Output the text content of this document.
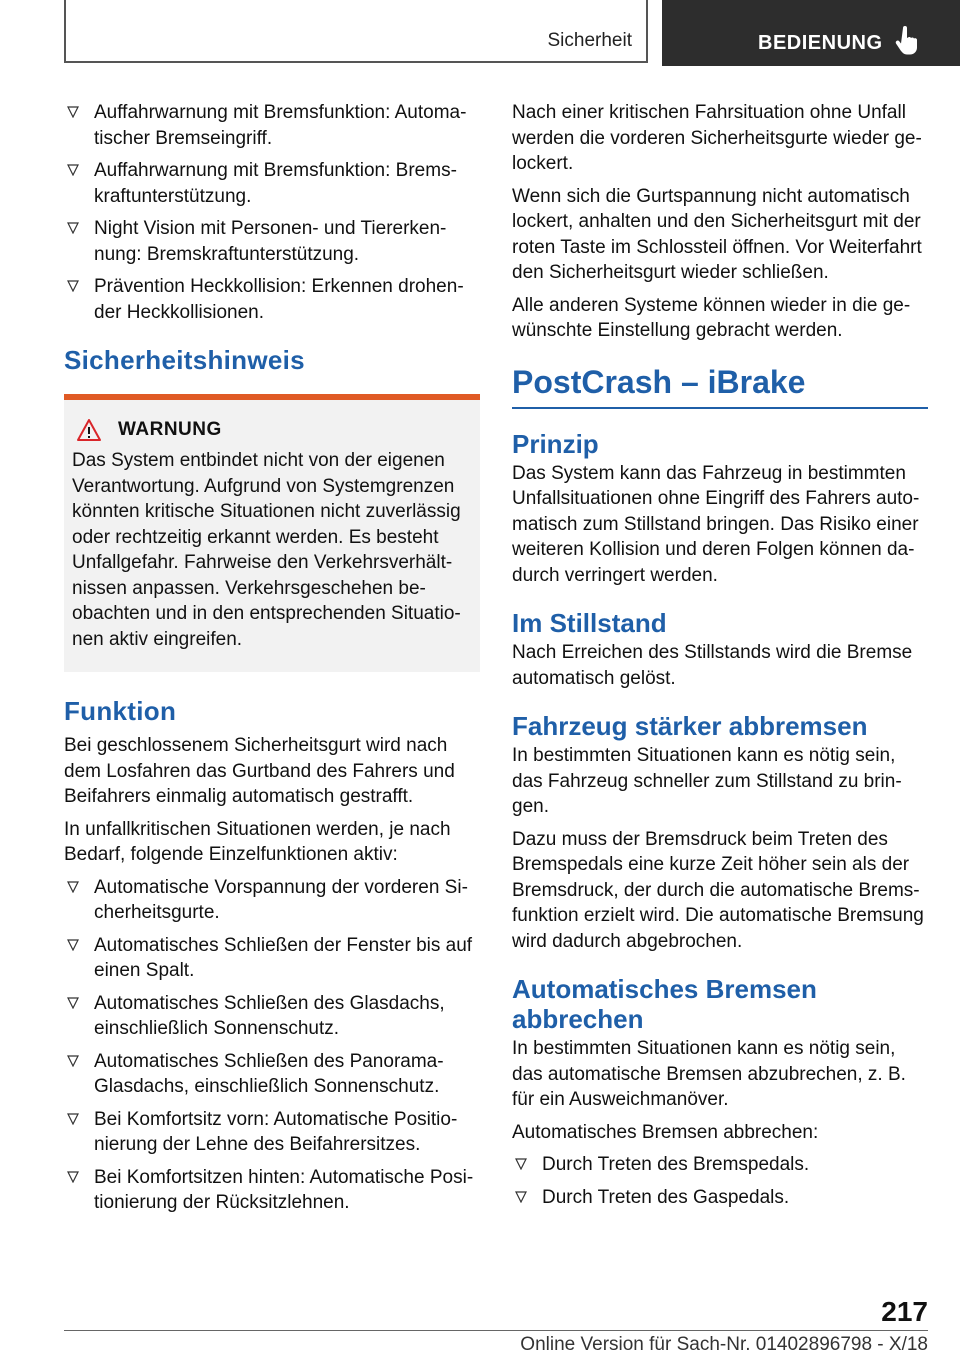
Sicherheit	BEDIENUNG
Auffahrwarnung mit Bremsfunktion: Automatischer Bremseingriff.
Auffahrwarnung mit Bremsfunktion: Bremskraftunterstützung.
Night Vision mit Personen- und Tiererkennung: Bremskraftunterstützung.
Prävention Heckkollision: Erkennen drohender Heckkollisionen.
Sicherheitshinweis
WARNUNG

Das System entbindet nicht von der eigenen Verantwortung. Aufgrund von Systemgrenzen könnten kritische Situationen nicht zuverlässig oder rechtzeitig erkannt werden. Es besteht Unfallgefahr. Fahrweise den Verkehrsverhältnissen anpassen. Verkehrsgeschehen beobachten und in den entsprechenden Situationen aktiv eingreifen.

Funktion

Bei geschlossenem Sicherheitsgurt wird nach dem Losfahren das Gurtband des Fahrers und Beifahrers einmalig automatisch gestrafft.

In unfallkritischen Situationen werden, je nach Bedarf, folgende Einzelfunktionen aktiv:

Automatische Vorspannung der vorderen Sicherheitsgurte.
Automatisches Schließen der Fenster bis auf einen Spalt.
Automatisches Schließen des Glasdachs, einschließlich Sonnenschutz.
Automatisches Schließen des Panorama-Glasdachs, einschließlich Sonnenschutz.
Bei Komfortsitz vorn: Automatische Positionierung der Lehne des Beifahrersitzes.
Bei Komfortsitzen hinten: Automatische Positionierung der Rücksitzlehnen.

Nach einer kritischen Fahrsituation ohne Unfall werden die vorderen Sicherheitsgurte wieder gelockert.

Wenn sich die Gurtspannung nicht automatisch lockert, anhalten und den Sicherheitsgurt mit der roten Taste im Schlossteil öffnen. Vor Weiterfahrt den Sicherheitsgurt wieder schließen.

Alle anderen Systeme können wieder in die gewünschte Einstellung gebracht werden.

PostCrash – iBrake
Prinzip

Das System kann das Fahrzeug in bestimmten Unfallsituationen ohne Eingriff des Fahrers automatisch zum Stillstand bringen. Das Risiko einer weiteren Kollision und deren Folgen können dadurch verringert werden.

Im Stillstand

Nach Erreichen des Stillstands wird die Bremse automatisch gelöst.

Fahrzeug stärker abbremsen

In bestimmten Situationen kann es nötig sein, das Fahrzeug schneller zum Stillstand zu bringen.

Dazu muss der Bremsdruck beim Treten des Bremspedals eine kurze Zeit höher sein als der Bremsdruck, der durch die automatische Bremsfunktion erzielt wird. Die automatische Bremsung wird dadurch abgebrochen.

Automatisches Bremsen abbrechen

In bestimmten Situationen kann es nötig sein, das automatische Bremsen abzubrechen, z. B. für ein Ausweichmanöver.

Automatisches Bremsen abbrechen:

Durch Treten des Bremspedals.
Durch Treten des Gaspedals.
217
Online Version für Sach-Nr. 01402896798 - X/18
